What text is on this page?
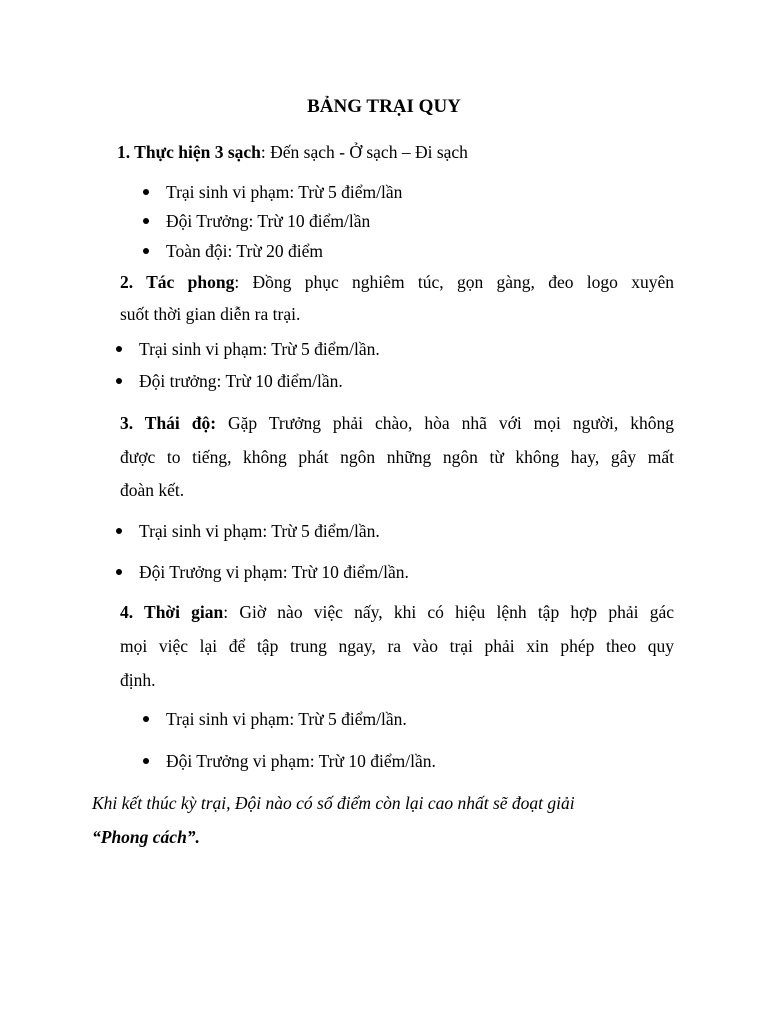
BẢNG TRẠI QUY
1. Thực hiện 3 sạch: Đến sạch - Ở sạch – Đi sạch
Trại sinh vi phạm: Trừ 5 điểm/lần
Đội Trưởng: Trừ 10 điểm/lần
Toàn đội: Trừ 20 điểm
2. Tác phong: Đồng phục nghiêm túc, gọn gàng, đeo logo xuyên
suốt thời gian diễn ra trại.
Trại sinh vi phạm: Trừ 5 điểm/lần.
Đội trưởng: Trừ 10 điểm/lần.
3. Thái độ: Gặp Trưởng phải chào, hòa nhã với mọi người, không
được to tiếng, không phát ngôn những ngôn từ không hay, gây mất
đoàn kết.
Trại sinh vi phạm: Trừ 5 điểm/lần.
Đội Trưởng vi phạm: Trừ 10 điểm/lần.
4. Thời gian: Giờ nào việc nấy, khi có hiệu lệnh tập hợp phải gác
mọi việc lại để tập trung ngay, ra vào trại phải xin phép theo quy
định.
Trại sinh vi phạm: Trừ 5 điểm/lần.
Đội Trưởng vi phạm: Trừ 10 điểm/lần.
Khi kết thúc kỳ trại, Đội nào có số điểm còn lại cao nhất sẽ đoạt giải
“Phong cách”.
